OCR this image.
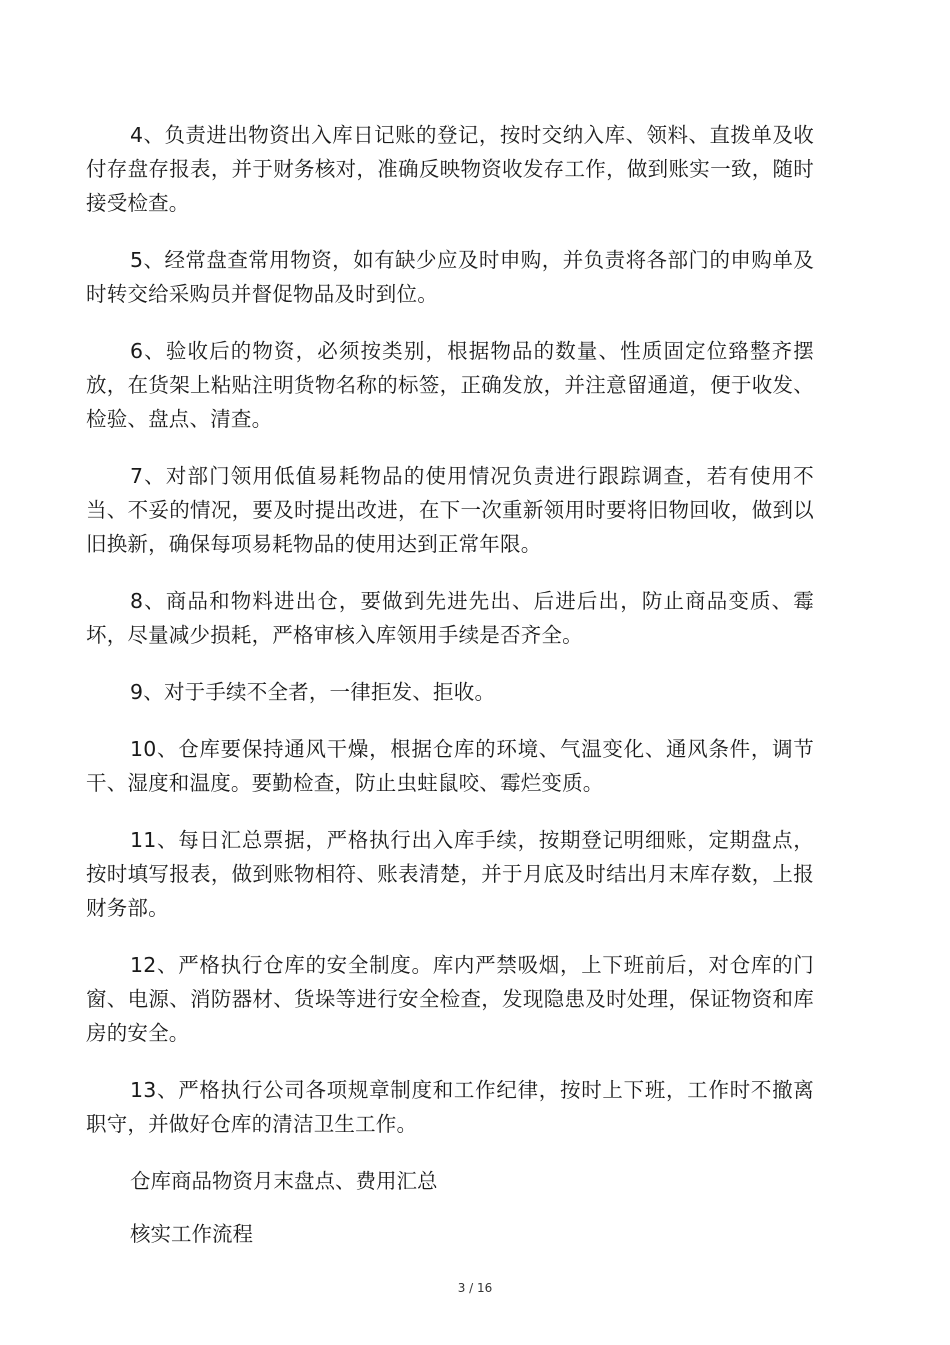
4、负责进出物资出入库日记账的登记，按时交纳入库、领料、直拨单及收付存盘存报表，并于财务核对，准确反映物资收发存工作，做到账实一致，随时接受检查。

5、经常盘查常用物资，如有缺少应及时申购，并负责将各部门的申购单及时转交给采购员并督促物品及时到位。

6、验收后的物资，必须按类别，根据物品的数量、性质固定位臵整齐摆放，在货架上粘贴注明货物名称的标签，正确发放，并注意留通道，便于收发、检验、盘点、清查。

7、对部门领用低值易耗物品的使用情况负责进行跟踪调查，若有使用不当、不妥的情况，要及时提出改进，在下一次重新领用时要将旧物回收，做到以旧换新，确保每项易耗物品的使用达到正常年限。

8、商品和物料进出仓，要做到先进先出、后进后出，防止商品变质、霉坏，尽量减少损耗，严格审核入库领用手续是否齐全。

9、对于手续不全者，一律拒发、拒收。

10、仓库要保持通风干燥，根据仓库的环境、气温变化、通风条件，调节干、湿度和温度。要勤检查，防止虫蛀鼠咬、霉烂变质。

11、每日汇总票据，严格执行出入库手续，按期登记明细账，定期盘点，按时填写报表，做到账物相符、账表清楚，并于月底及时结出月末库存数，上报财务部。

12、严格执行仓库的安全制度。库内严禁吸烟，上下班前后，对仓库的门窗、电源、消防器材、货垛等进行安全检查，发现隐患及时处理，保证物资和库房的安全。

13、严格执行公司各项规章制度和工作纪律，按时上下班，工作时不撤离职守，并做好仓库的清洁卫生工作。

仓库商品物资月末盘点、费用汇总

核实工作流程

3 / 16
